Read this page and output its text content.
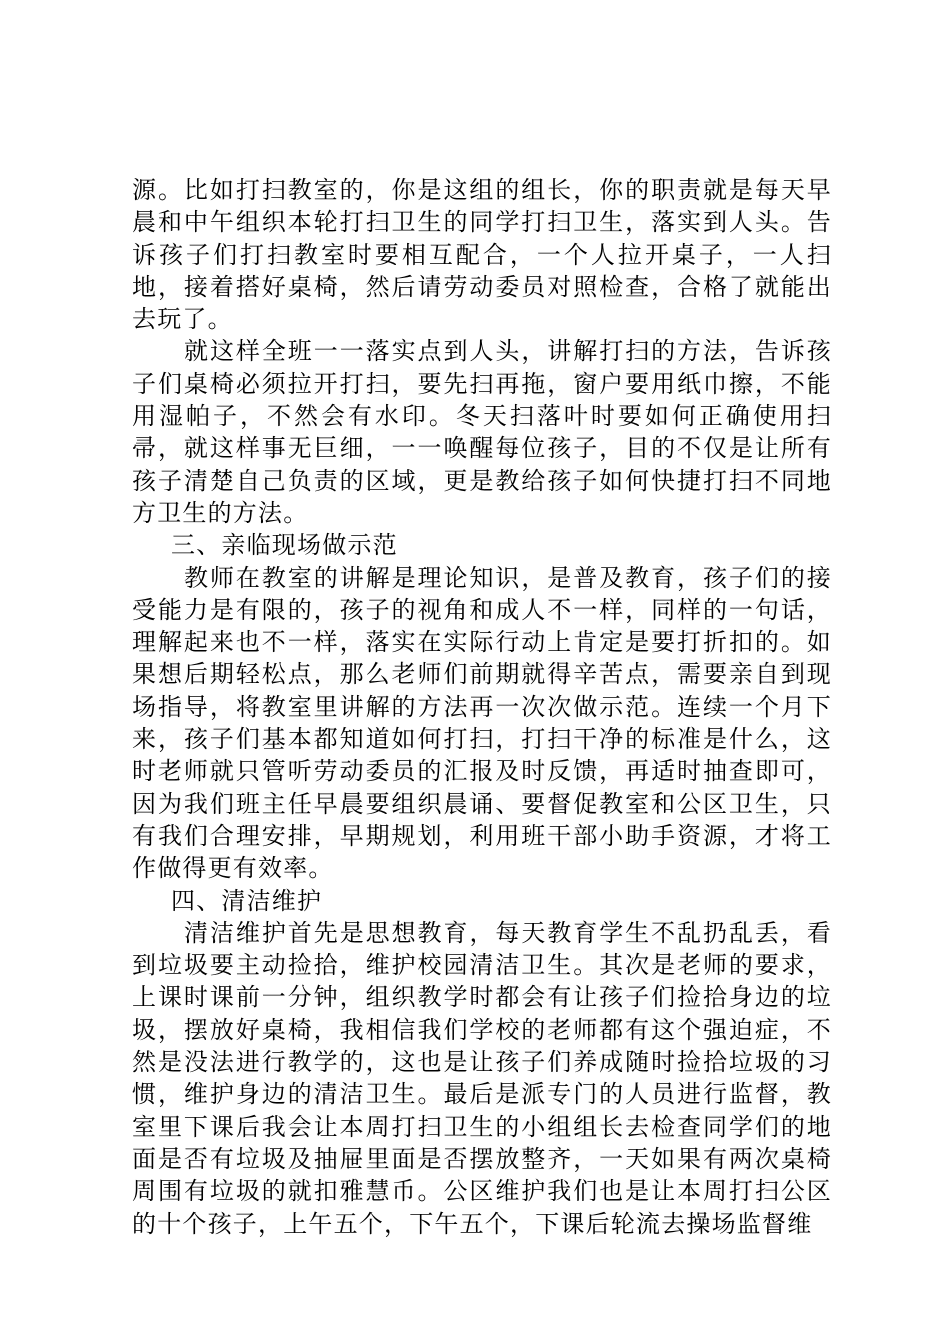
源。比如打扫教室的，你是这组的组长，你的职责就是每天早晨和中午组织本轮打扫卫生的同学打扫卫生，落实到人头。告诉孩子们打扫教室时要相互配合，一个人拉开桌子，一人扫地，接着搭好桌椅，然后请劳动委员对照检查，合格了就能出去玩了。

就这样全班一一落实点到人头，讲解打扫的方法，告诉孩子们桌椅必须拉开打扫，要先扫再拖，窗户要用纸巾擦，不能用湿帕子，不然会有水印。冬天扫落叶时要如何正确使用扫帚，就这样事无巨细，一一唤醒每位孩子，目的不仅是让所有孩子清楚自己负责的区域，更是教给孩子如何快捷打扫不同地方卫生的方法。

三、亲临现场做示范

教师在教室的讲解是理论知识，是普及教育，孩子们的接受能力是有限的，孩子的视角和成人不一样，同样的一句话，理解起来也不一样，落实在实际行动上肯定是要打折扣的。如果想后期轻松点，那么老师们前期就得辛苦点，需要亲自到现场指导，将教室里讲解的方法再一次次做示范。连续一个月下来，孩子们基本都知道如何打扫，打扫干净的标准是什么，这时老师就只管听劳动委员的汇报及时反馈，再适时抽查即可，因为我们班主任早晨要组织晨诵、要督促教室和公区卫生，只有我们合理安排，早期规划，利用班干部小助手资源，才将工作做得更有效率。

四、清洁维护

清洁维护首先是思想教育，每天教育学生不乱扔乱丢，看到垃圾要主动捡拾，维护校园清洁卫生。其次是老师的要求，上课时课前一分钟，组织教学时都会有让孩子们捡拾身边的垃圾，摆放好桌椅，我相信我们学校的老师都有这个强迫症，不然是没法进行教学的，这也是让孩子们养成随时捡拾垃圾的习惯，维护身边的清洁卫生。最后是派专门的人员进行监督，教室里下课后我会让本周打扫卫生的小组组长去检查同学们的地面是否有垃圾及抽屉里面是否摆放整齐，一天如果有两次桌椅周围有垃圾的就扣雅慧币。公区维护我们也是让本周打扫公区的十个孩子，上午五个，下午五个，下课后轮流去操场监督维
